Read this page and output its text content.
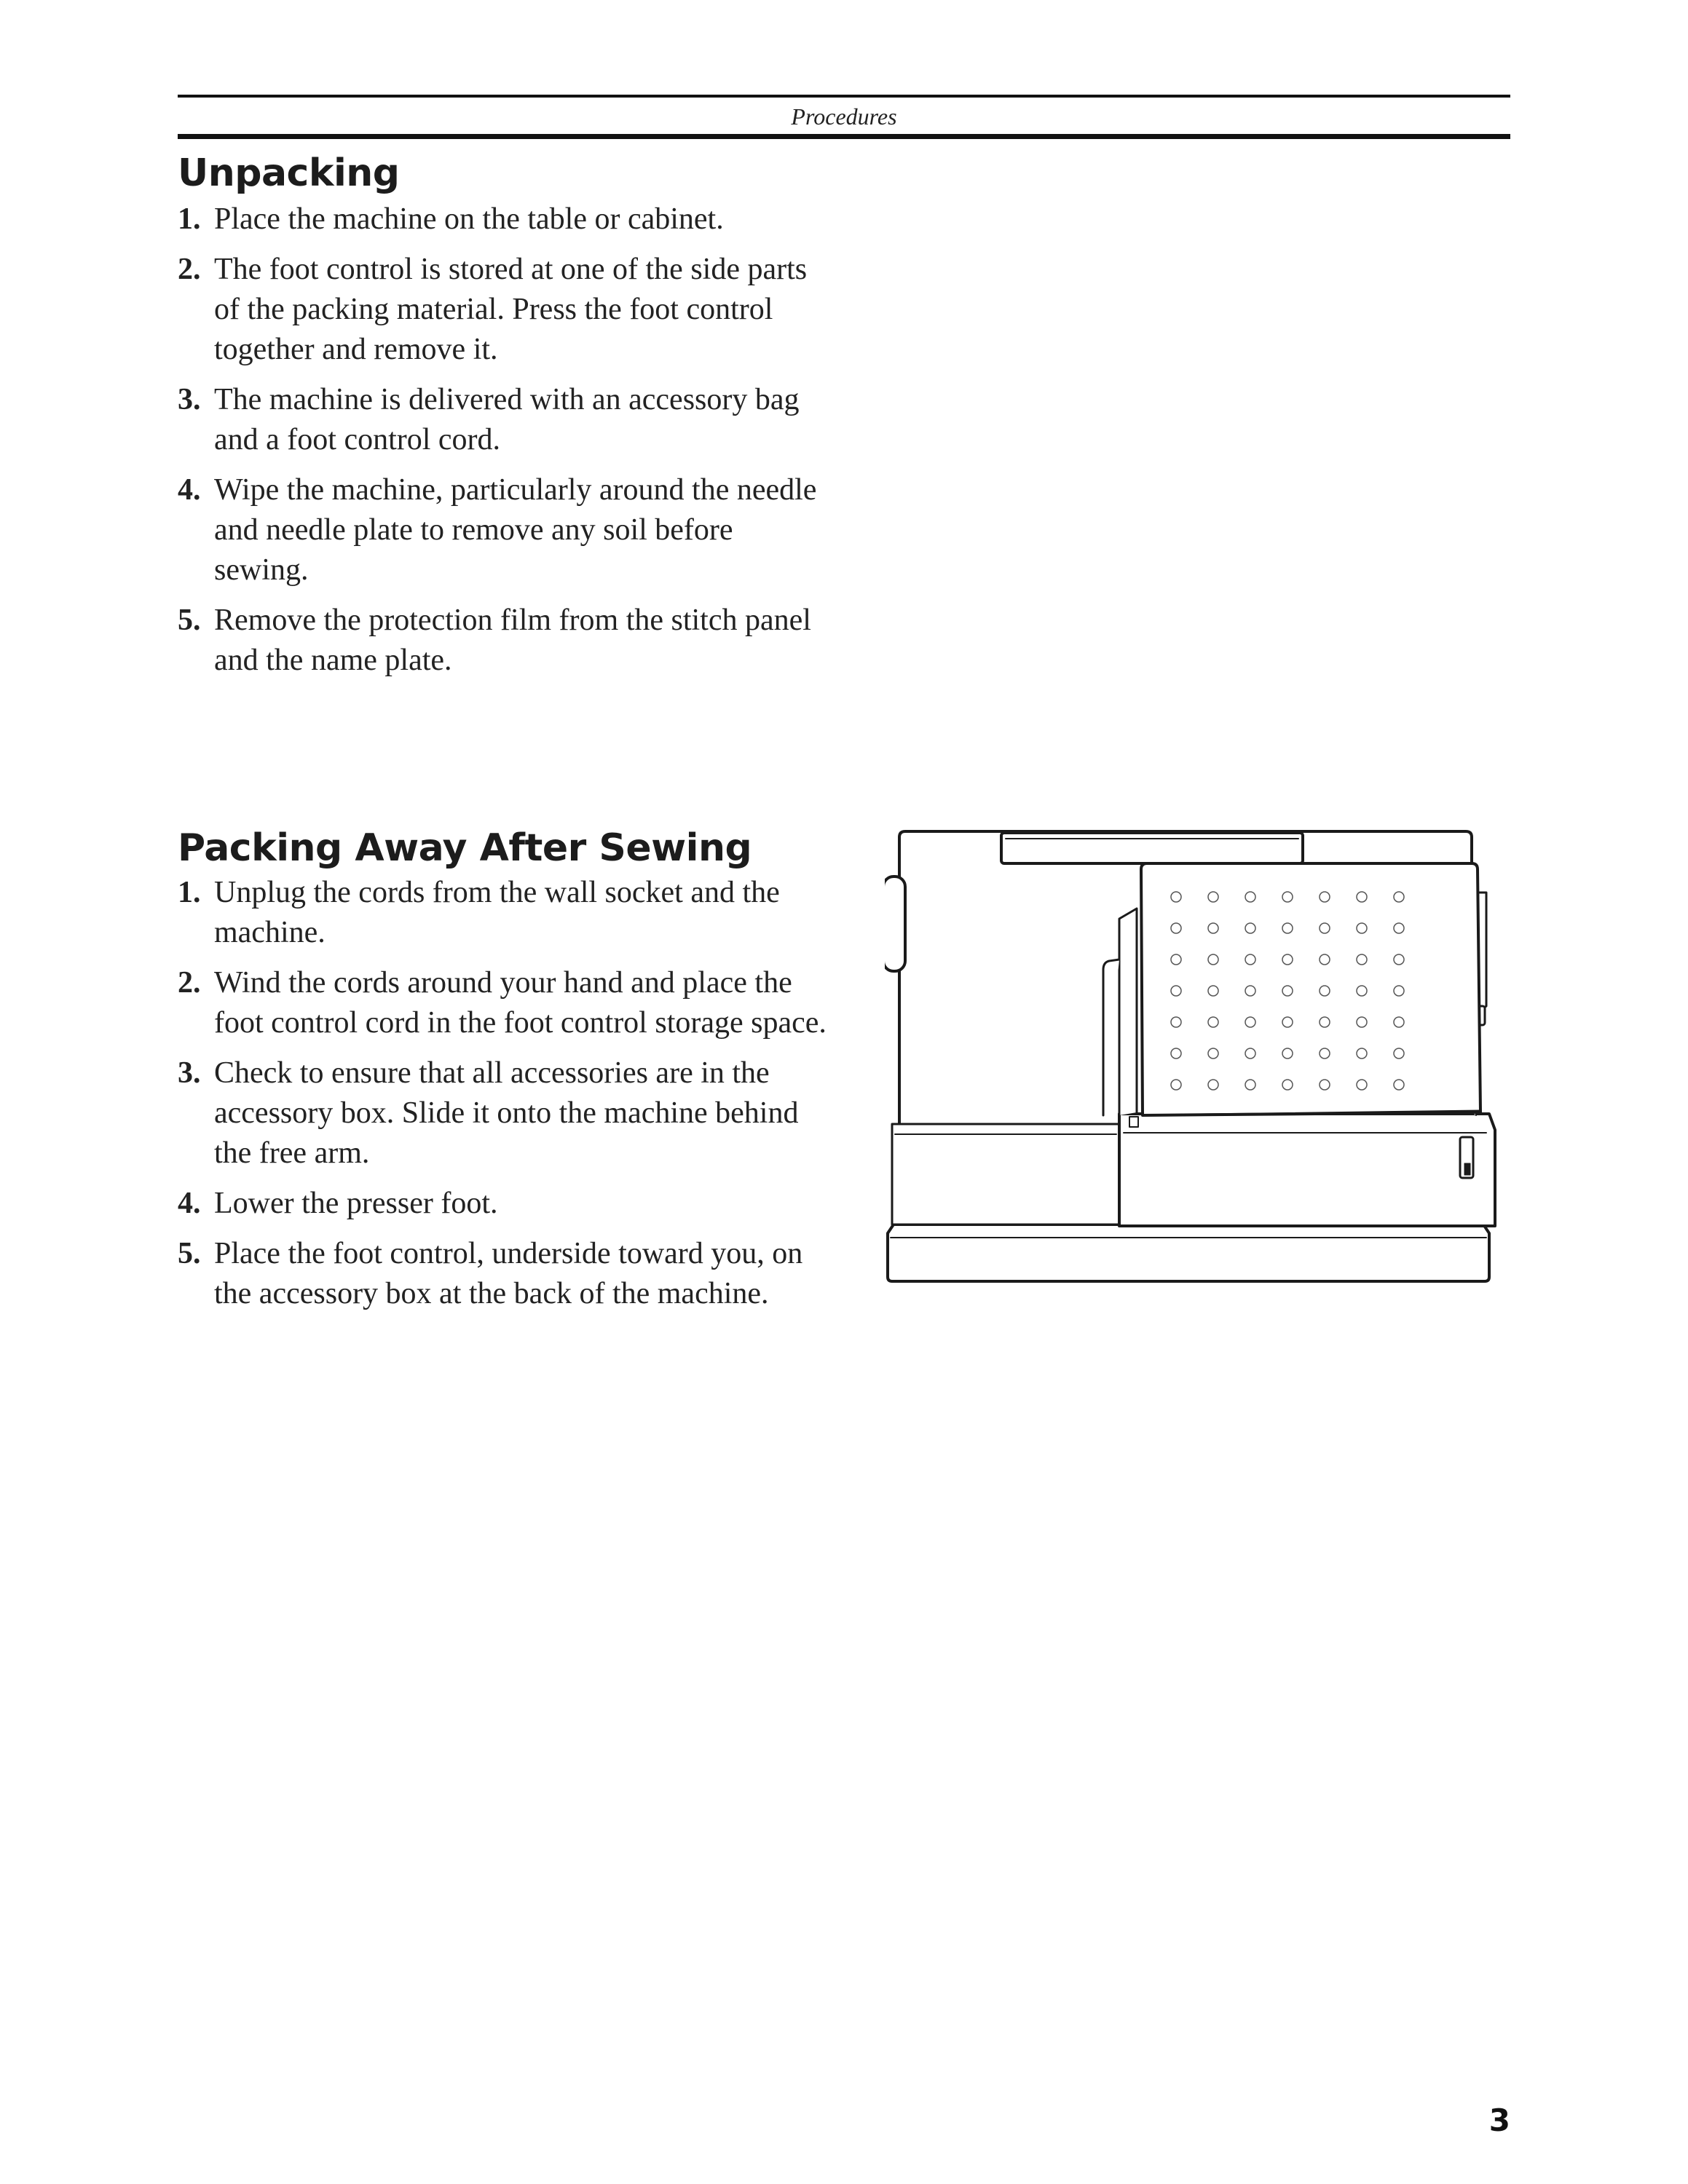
Procedures
Unpacking
1. Place the machine on the table or cabinet.
2. The foot control is stored at one of the side parts of the packing material. Press the foot control together and remove it.
3. The machine is delivered with an accessory bag and a foot control cord.
4. Wipe the machine, particularly around the needle and needle plate to remove any soil before sewing.
5. Remove the protection film from the stitch panel and the name plate.
Packing Away After Sewing
1. Unplug the cords from the wall socket and the machine.
2. Wind the cords around your hand and place the foot control cord in the foot control storage space.
3. Check to ensure that all accessories are in the accessory box. Slide it onto the machine behind the free arm.
4. Lower the presser foot.
5. Place the foot control, underside toward you, on the accessory box at the back of the machine.
3
